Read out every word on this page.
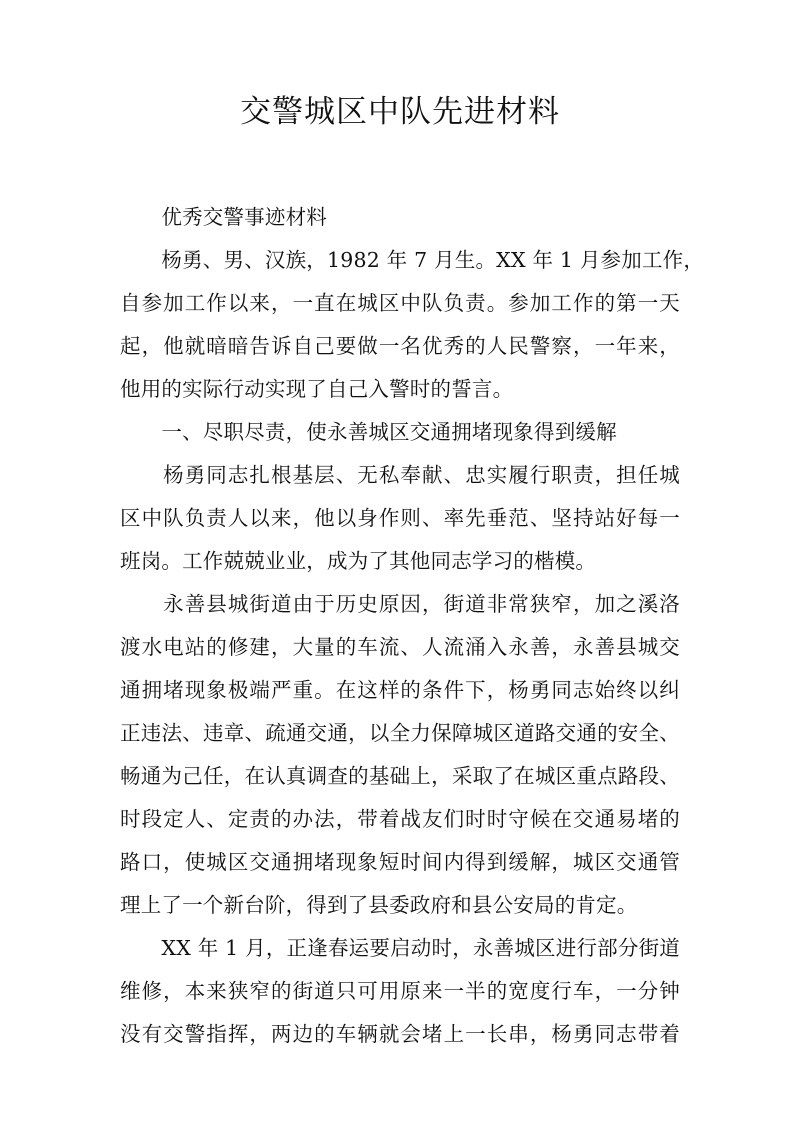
交警城区中队先进材料
　　优秀交警事迹材料
　　杨勇、男、汉族，1982 年 7 月生。XX 年 1 月参加工作，
自参加工作以来，一直在城区中队负责。参加工作的第一天
起，他就暗暗告诉自己要做一名优秀的人民警察，一年来，
他用的实际行动实现了自己入警时的誓言。
　　一、尽职尽责，使永善城区交通拥堵现象得到缓解
　　杨勇同志扎根基层、无私奉献、忠实履行职责，担任城
区中队负责人以来，他以身作则、率先垂范、坚持站好每一
班岗。工作兢兢业业，成为了其他同志学习的楷模。
　　永善县城街道由于历史原因，街道非常狭窄，加之溪洛
渡水电站的修建，大量的车流、人流涌入永善，永善县城交
通拥堵现象极端严重。在这样的条件下，杨勇同志始终以纠
正违法、违章、疏通交通，以全力保障城区道路交通的安全、
畅通为己任，在认真调查的基础上，采取了在城区重点路段、
时段定人、定责的办法，带着战友们时时守候在交通易堵的
路口，使城区交通拥堵现象短时间内得到缓解，城区交通管
理上了一个新台阶，得到了县委政府和县公安局的肯定。
　　XX 年 1 月，正逢春运要启动时，永善城区进行部分街道
维修，本来狭窄的街道只可用原来一半的宽度行车，一分钟
没有交警指挥，两边的车辆就会堵上一长串，杨勇同志带着
